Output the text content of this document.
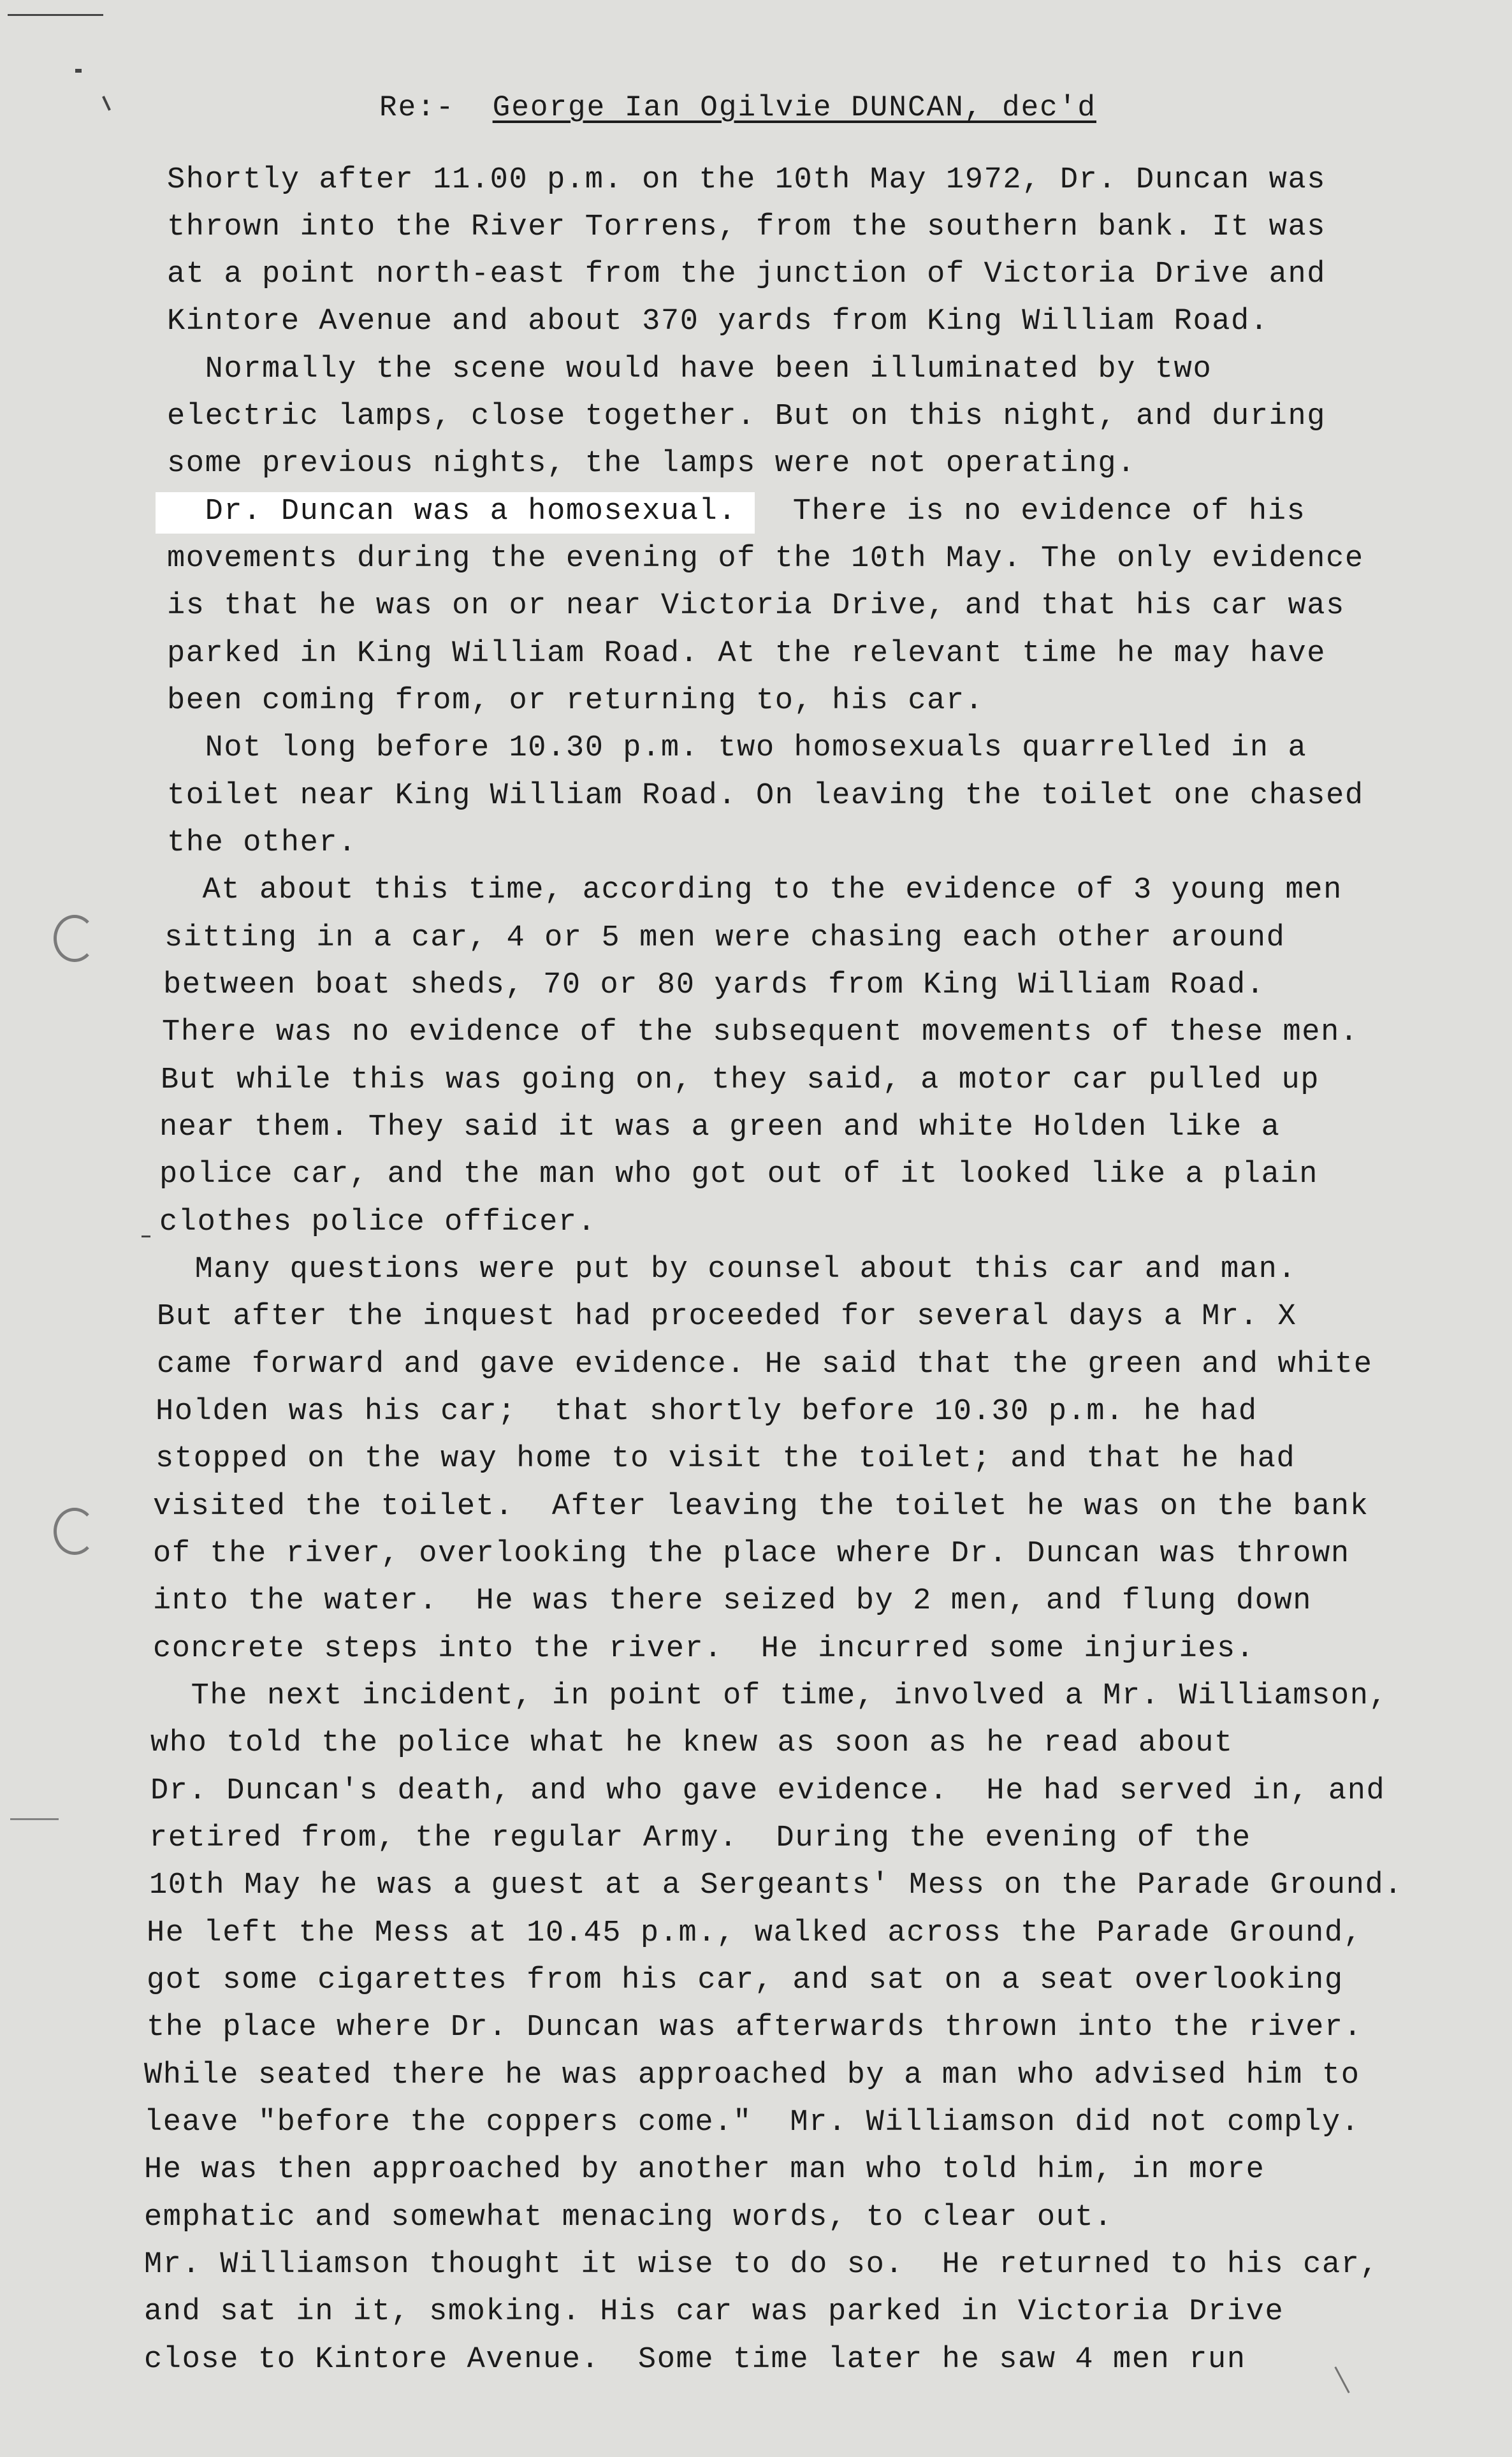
Re:- George Ian Ogilvie DUNCAN, dec'd
Shortly after 11.00 p.m. on the 10th May 1972, Dr. Duncan was
thrown into the River Torrens, from the southern bank. It was
at a point north-east from the junction of Victoria Drive and
Kintore Avenue and about 370 yards from King William Road.
Normally the scene would have been illuminated by two
electric lamps, close together. But on this night, and during
some previous nights, the lamps were not operating.
Dr. Duncan was a homosexual. There is no evidence of his
movements during the evening of the 10th May. The only evidence
is that he was on or near Victoria Drive, and that his car was
parked in King William Road. At the relevant time he may have
been coming from, or returning to, his car.
Not long before 10.30 p.m. two homosexuals quarrelled in a
toilet near King William Road. On leaving the toilet one chased
the other.
At about this time, according to the evidence of 3 young men
sitting in a car, 4 or 5 men were chasing each other around
between boat sheds, 70 or 80 yards from King William Road.
There was no evidence of the subsequent movements of these men.
But while this was going on, they said, a motor car pulled up
near them. They said it was a green and white Holden like a
police car, and the man who got out of it looked like a plain
clothes police officer.
Many questions were put by counsel about this car and man.
But after the inquest had proceeded for several days a Mr. X
came forward and gave evidence. He said that the green and white
Holden was his car;  that shortly before 10.30 p.m. he had
stopped on the way home to visit the toilet; and that he had
visited the toilet.  After leaving the toilet he was on the bank
of the river, overlooking the place where Dr. Duncan was thrown
into the water.  He was there seized by 2 men, and flung down
concrete steps into the river.  He incurred some injuries.
The next incident, in point of time, involved a Mr. Williamson,
who told the police what he knew as soon as he read about
Dr. Duncan's death, and who gave evidence.  He had served in, and
retired from, the regular Army.  During the evening of the
10th May he was a guest at a Sergeants' Mess on the Parade Ground.
He left the Mess at 10.45 p.m., walked across the Parade Ground,
got some cigarettes from his car, and sat on a seat overlooking
the place where Dr. Duncan was afterwards thrown into the river.
While seated there he was approached by a man who advised him to
leave "before the coppers come."  Mr. Williamson did not comply.
He was then approached by another man who told him, in more
emphatic and somewhat menacing words, to clear out.
Mr. Williamson thought it wise to do so.  He returned to his car,
and sat in it, smoking. His car was parked in Victoria Drive
close to Kintore Avenue.  Some time later he saw 4 men run
